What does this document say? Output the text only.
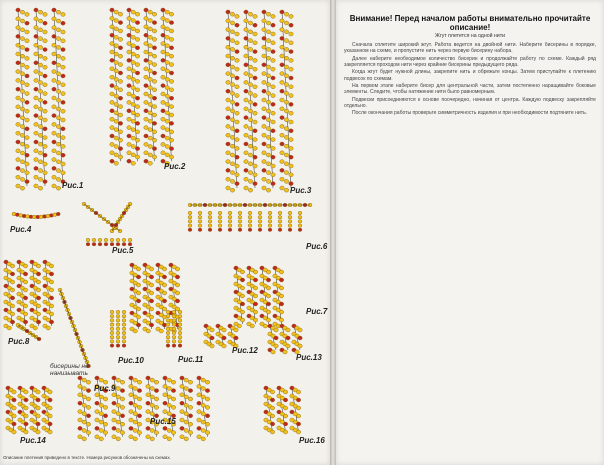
Рис.1
Рис.2
Рис.3
Рис.4
Рис.5	Рис.6
Рис.7
Рис.8
Рис.9
Рис.10	Рис.11
Рис.12
Рис.13
Рис.14
Рис.15
Рис.16
бисерины не нанизывать
Описание плетения приведено в тексте. Номера рисунков обозначены на схемах.
Внимание! Перед началом работы внимательно прочитайте описание!
Жгут плетется на одной нити

Сначала сплетите широкий жгут. Работа ведется на двойной нити. Наберите бисерины в порядке, указанном на схеме, и пропустите нить через первую бисерину набора.

Далее наберите необходимое количество бисерин и продолжайте работу по схеме. Каждый ряд закрепляется проходом нити через крайние бисерины предыдущего ряда.

Когда жгут будет нужной длины, закрепите нить и обрежьте концы. Затем приступайте к плетению подвесок по схемам.

На первом этапе наберите бисер для центральной части, затем постепенно наращивайте боковые элементы. Следите, чтобы натяжение нити было равномерным.

Подвески присоединяются к основе поочередно, начиная от центра. Каждую подвеску закрепляйте отдельно.

После окончания работы проверьте симметричность изделия и при необходимости подтяните нить.
